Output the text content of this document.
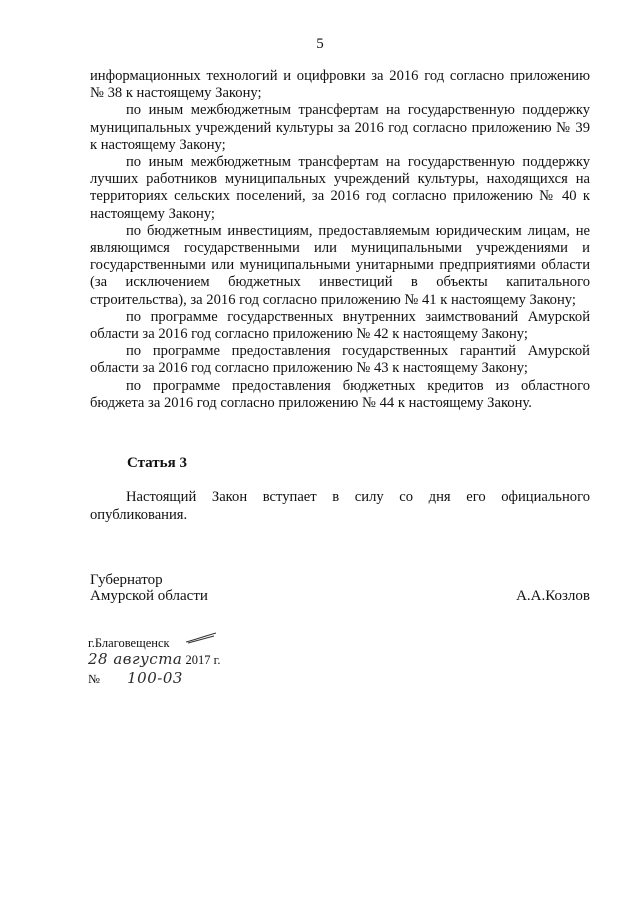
5

информационных технологий и оцифровки за 2016 год согласно приложению № 38 к настоящему Закону;

по иным межбюджетным трансфертам на государственную поддержку муниципальных учреждений культуры за 2016 год согласно приложению № 39 к настоящему Закону;

по иным межбюджетным трансфертам на государственную поддержку лучших работников муниципальных учреждений культуры, находящихся на территориях сельских поселений, за 2016 год согласно приложению № 40 к настоящему Закону;

по бюджетным инвестициям, предоставляемым юридическим лицам, не являющимся государственными или муниципальными учреждениями и государственными или муниципальными унитарными предприятиями области (за исключением бюджетных инвестиций в объекты капитального строительства), за 2016 год согласно приложению № 41 к настоящему Закону;

по программе государственных внутренних заимствований Амурской области за 2016 год согласно приложению № 42 к настоящему Закону;

по программе предоставления государственных гарантий Амурской области за 2016 год согласно приложению № 43 к настоящему Закону;

по программе предоставления бюджетных кредитов из областного бюджета за 2016 год согласно приложению № 44 к настоящему Закону.

Статья 3

Настоящий Закон вступает в силу со дня его официального опубликования.

Губернатор
Амурской области	А.А.Козлов
г.Благовещенск
28 августа 2017 г.
№ 100-03
